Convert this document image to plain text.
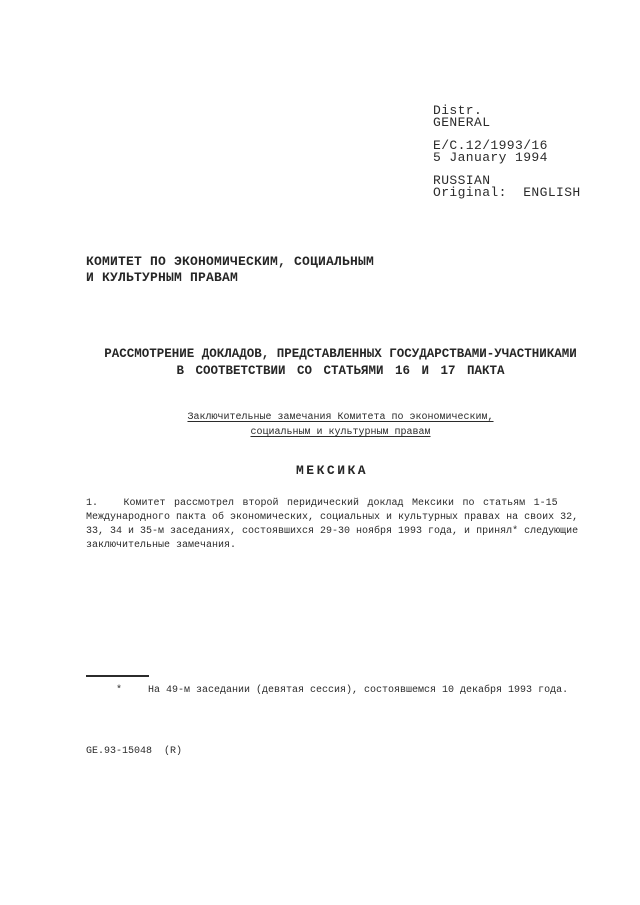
Distr.
GENERAL
E/C.12/1993/16
5 January 1994
RUSSIAN
Original:  ENGLISH
КОМИТЕТ ПО ЭКОНОМИЧЕСКИМ, СОЦИАЛЬНЫМ
И КУЛЬТУРНЫМ ПРАВАМ
РАССМОТРЕНИЕ ДОКЛАДОВ, ПРЕДСТАВЛЕННЫХ ГОСУДАРСТВАМИ-УЧАСТНИКАМИ
В СООТВЕТСТВИИ СО СТАТЬЯМИ 16 И 17 ПАКТА
Заключительные замечания Комитета по экономическим,
социальным и культурным правам
МЕКСИКА
1.   Комитет рассмотрел второй перидический доклад Мексики по статьям 1-15
Международного пакта об экономических, социальных и культурных правах на своих 32,
33, 34 и 35-м заседаниях, состоявшихся 29-30 ноября 1993 года, и принял* следующие
заключительные замечания.
*	На 49-м заседании (девятая сессия), состоявшемся 10 декабря 1993 года.
GE.93-15048  (R)
